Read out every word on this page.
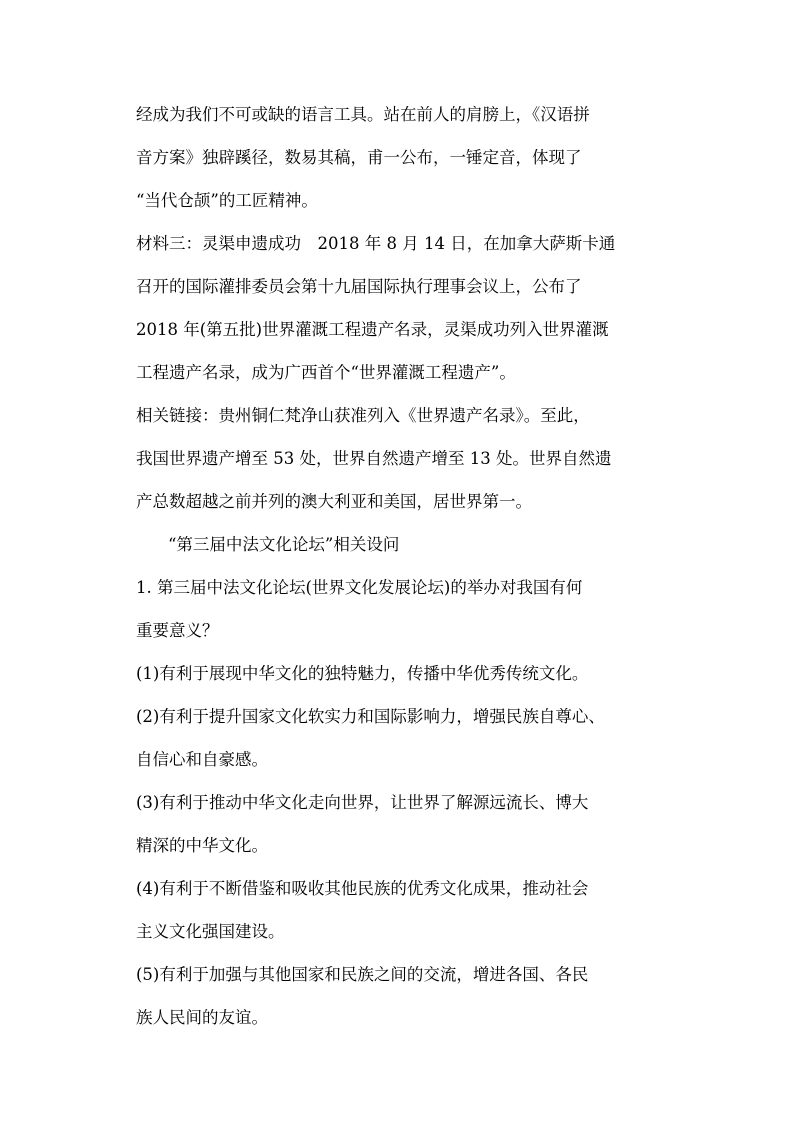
经成为我们不可或缺的语言工具。站在前人的肩膀上，《汉语拼
音方案》独辟蹊径，数易其稿，甫一公布，一锤定音，体现了
“当代仓颉”的工匠精神。
材料三：灵渠申遗成功　2018 年 8 月 14 日，在加拿大萨斯卡通
召开的国际灌排委员会第十九届国际执行理事会议上，公布了
2018 年(第五批)世界灌溉工程遗产名录，灵渠成功列入世界灌溉
工程遗产名录，成为广西首个“世界灌溉工程遗产”。
相关链接：贵州铜仁梵净山获准列入《世界遗产名录》。至此，
我国世界遗产增至 53 处，世界自然遗产增至 13 处。世界自然遗
产总数超越之前并列的澳大利亚和美国，居世界第一。
“第三届中法文化论坛”相关设问
1. 第三届中法文化论坛(世界文化发展论坛)的举办对我国有何
重要意义？
(1)有利于展现中华文化的独特魅力，传播中华优秀传统文化。
(2)有利于提升国家文化软实力和国际影响力，增强民族自尊心、
自信心和自豪感。
(3)有利于推动中华文化走向世界，让世界了解源远流长、博大
精深的中华文化。
(4)有利于不断借鉴和吸收其他民族的优秀文化成果，推动社会
主义文化强国建设。
(5)有利于加强与其他国家和民族之间的交流，增进各国、各民
族人民间的友谊。
